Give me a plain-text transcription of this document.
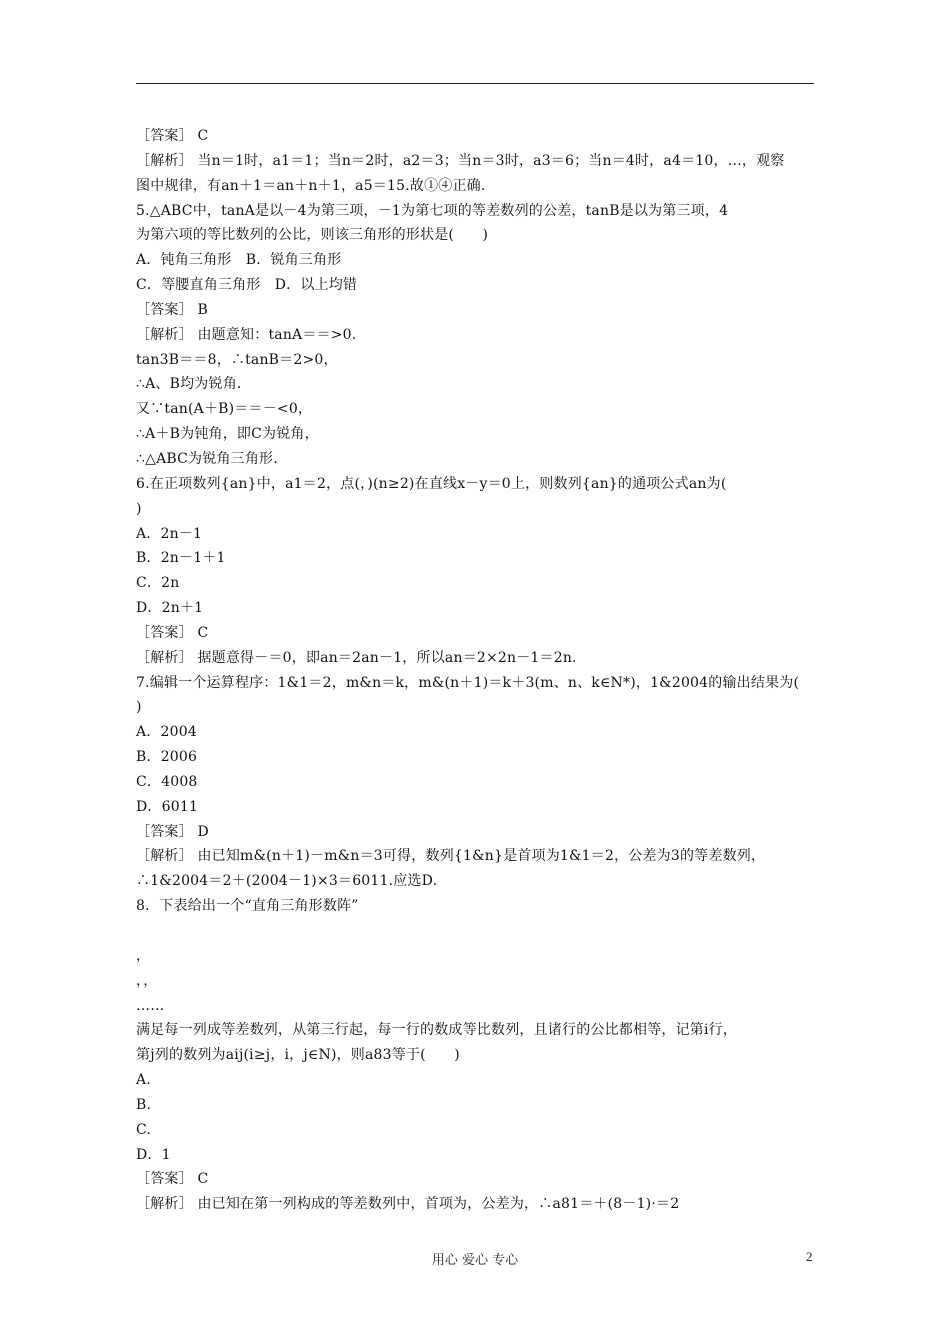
［答案］ C
［解析］ 当n＝1时，a1＝1；当n＝2时，a2＝3；当n＝3时，a3＝6；当n＝4时，a4＝10，…，观察
图中规律，有an＋1＝an＋n＋1，a5＝15.故①④正确.
5.△ABC中，tanA是以－4为第三项，－1为第七项的等差数列的公差，tanB是以为第三项，4
为第六项的等比数列的公比，则该三角形的形状是(　　)
A．钝角三角形　B．锐角三角形
C．等腰直角三角形　D．以上均错
［答案］ B
［解析］ 由题意知：tanA＝＝>0.
tan3B＝＝8，∴tanB＝2>0，
∴A、B均为锐角.
又∵tan(A＋B)＝＝－<0，
∴A＋B为钝角，即C为锐角，
∴△ABC为锐角三角形.
6.在正项数列{an}中，a1＝2，点(，)(n≥2)在直线x－y＝0上，则数列{an}的通项公式an为(
)
A．2n－1
B．2n－1＋1
C．2n
D．2n＋1
［答案］ C
［解析］ 据题意得－＝0，即an＝2an－1，所以an＝2×2n－1＝2n.
7.编辑一个运算程序：1&1＝2，m&n＝k，m&(n＋1)＝k＋3(m、n、k∈N*)，1&2004的输出结果为(
)
A．2004
B．2006
C．4008
D．6011
［答案］ D
［解析］ 由已知m&(n＋1)－m&n＝3可得，数列{1&n}是首项为1&1＝2，公差为3的等差数列，
∴1&2004＝2＋(2004－1)×3＝6011.应选D.
8．下表给出一个“直角三角形数阵”
，
，，
……
满足每一列成等差数列，从第三行起，每一行的数成等比数列，且诸行的公比都相等，记第i行，
第j列的数列为aij(i≥j，i，j∈N)，则a83等于(　　)
A.
B.
C.
D．1
［答案］ C
［解析］ 由已知在第一列构成的等差数列中，首项为，公差为，∴a81＝＋(8－1)·＝2
用心 爱心 专心	2
